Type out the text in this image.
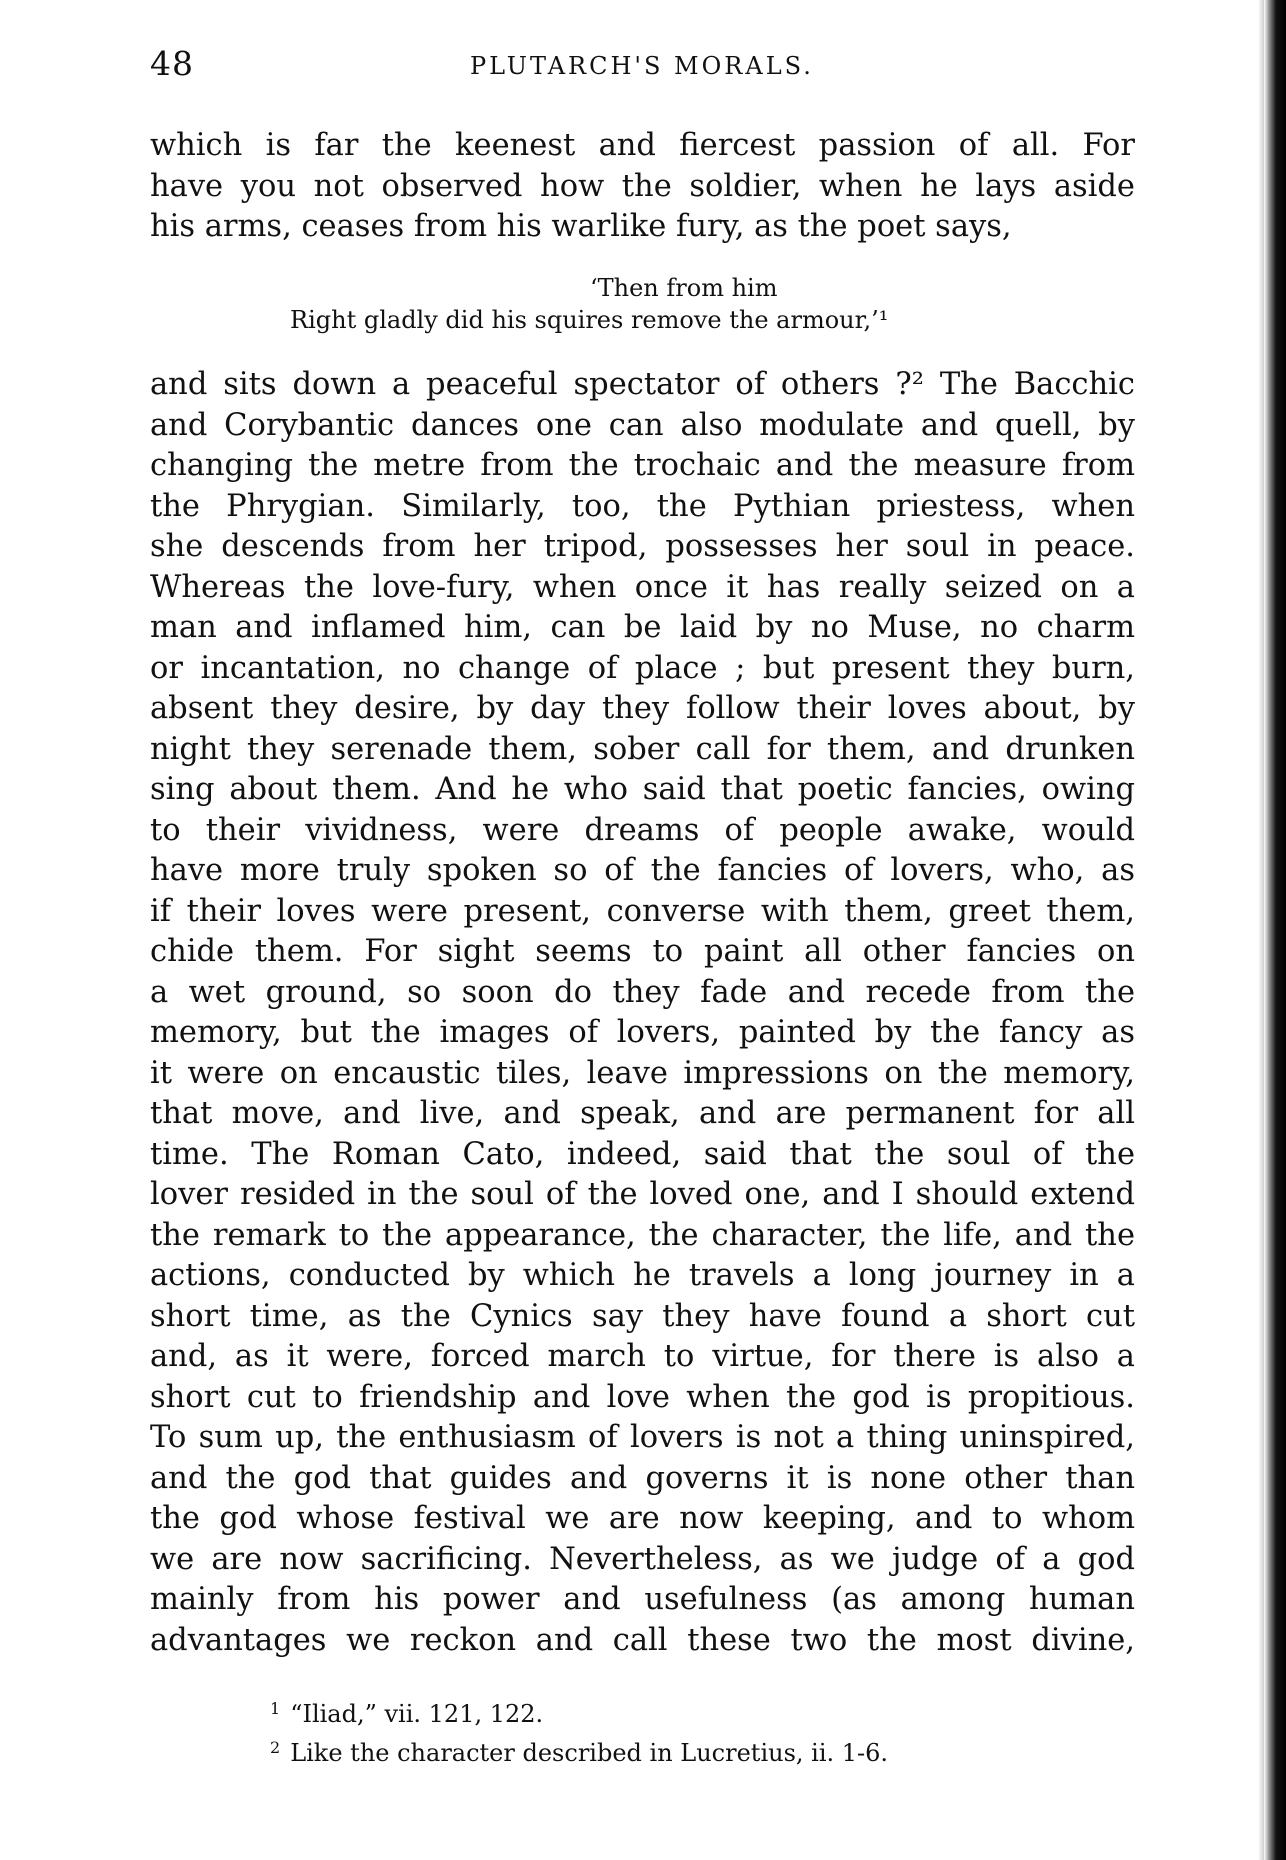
48	PLUTARCH'S MORALS.
which is far the keenest and fiercest passion of all. For
have you not observed how the soldier, when he lays aside
his arms, ceases from his warlike fury, as the poet says,
‘Then from him
Right gladly did his squires remove the armour,’¹
and sits down a peaceful spectator of others ?² The Bacchic
and Corybantic dances one can also modulate and quell, by
changing the metre from the trochaic and the measure from
the Phrygian. Similarly, too, the Pythian priestess, when
she descends from her tripod, possesses her soul in peace.
Whereas the love-fury, when once it has really seized on a
man and inflamed him, can be laid by no Muse, no charm
or incantation, no change of place ; but present they burn,
absent they desire, by day they follow their loves about, by
night they serenade them, sober call for them, and drunken
sing about them. And he who said that poetic fancies, owing
to their vividness, were dreams of people awake, would
have more truly spoken so of the fancies of lovers, who, as
if their loves were present, converse with them, greet them,
chide them. For sight seems to paint all other fancies on
a wet ground, so soon do they fade and recede from the
memory, but the images of lovers, painted by the fancy as
it were on encaustic tiles, leave impressions on the memory,
that move, and live, and speak, and are permanent for all
time. The Roman Cato, indeed, said that the soul of the
lover resided in the soul of the loved one, and I should extend
the remark to the appearance, the character, the life, and the
actions, conducted by which he travels a long journey in a
short time, as the Cynics say they have found a short cut
and, as it were, forced march to virtue, for there is also a
short cut to friendship and love when the god is propitious.
To sum up, the enthusiasm of lovers is not a thing uninspired,
and the god that guides and governs it is none other than
the god whose festival we are now keeping, and to whom
we are now sacrificing. Nevertheless, as we judge of a god
mainly from his power and usefulness (as among human
advantages we reckon and call these two the most divine,
$^1$ “Iliad,” vii. 121, 122.
$^2$ Like the character described in Lucretius, ii. 1-6.
